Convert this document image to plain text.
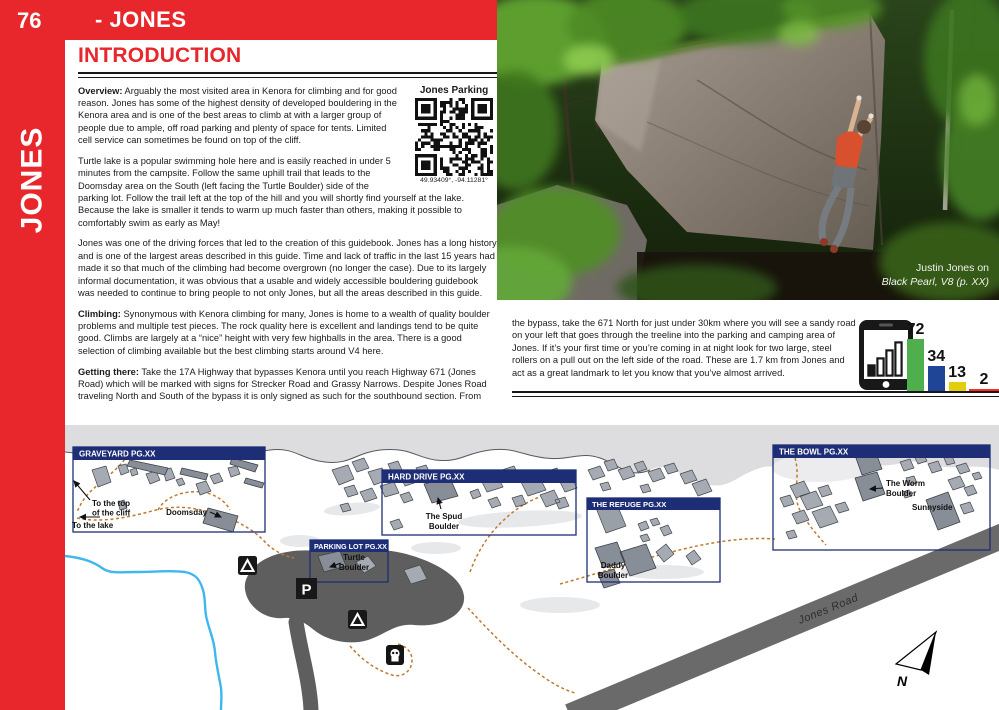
76
JONES
- JONES
INTRODUCTION
Jones Parking
49.93409°, -94.11281°

Overview: Arguably the most visited area in Kenora for climbing and for good reason. Jones has some of the highest density of developed bouldering in the Kenora area and is one of the best areas to climb at with a larger group of people due to ample, off road parking and plenty of space for tents. Limited cell service can sometimes be found on top of the cliff.

Turtle lake is a popular swimming hole here and is easily reached in under 5 minutes from the campsite. Follow the same uphill trail that leads to the Doomsday area on the South (left facing the Turtle Boulder) side of the parking lot. Follow the trail left at the top of the hill and you will shortly find yourself at the lake. Because the lake is smaller it tends to warm up much faster than others, making it possible to comfortably swim as early as May!

Jones was one of the driving forces that led to the creation of this guidebook. Jones has a long history and is one of the largest areas described in this guide. Time and lack of traffic in the last 15 years had made it so that much of the climbing had become overgrown (no longer the case). Due to its largely informal documentation, it was obvious that a usable and widely accessible bouldering guidebook was needed to continue to bring people to not only Jones, but all the areas described in this guide.

Climbing: Synonymous with Kenora climbing for many, Jones is home to a wealth of quality boulder problems and multiple test pieces. The rock quality here is excellent and landings tend to be quite good. Climbs are largely at a “nice” height with very few highballs in the area. There is a good selection of climbing available but the best climbing starts around V4 here.

Getting there: Take the 17A Highway that bypasses Kenora until you reach Highway 671 (Jones Road) which will be marked with signs for Strecker Road and Grassy Narrows. Despite Jones Road traveling North and South of the bypass it is only signed as such for the southbound section. From

Justin Jones on
Black Pearl, V8 (p. XX)

the bypass, take the 671 North for just under 30km where you will see a sandy road on your left that goes through the treeline into the parking and camping area of Jones. If it’s your first time or you’re coming in at night look for two large, steel rollers on a pull out on the left side of the road. These are 1.7 km from Jones and act as a great landmark to let you know that you’ve almost arrived.

72
34
13 2
Jones Road
GRAVEYARD PG.XX
HARD DRIVE PG.XX
PARKING LOT PG.XX
THE REFUGE PG.XX
THE BOWL PG.XX
To the top
of the cliff
To the lake
Doomsday	The Spud
Boulder
Turtle
Boulder	Daddy
Boulder
The Worm
Boulder
Sunnyside
P
N
